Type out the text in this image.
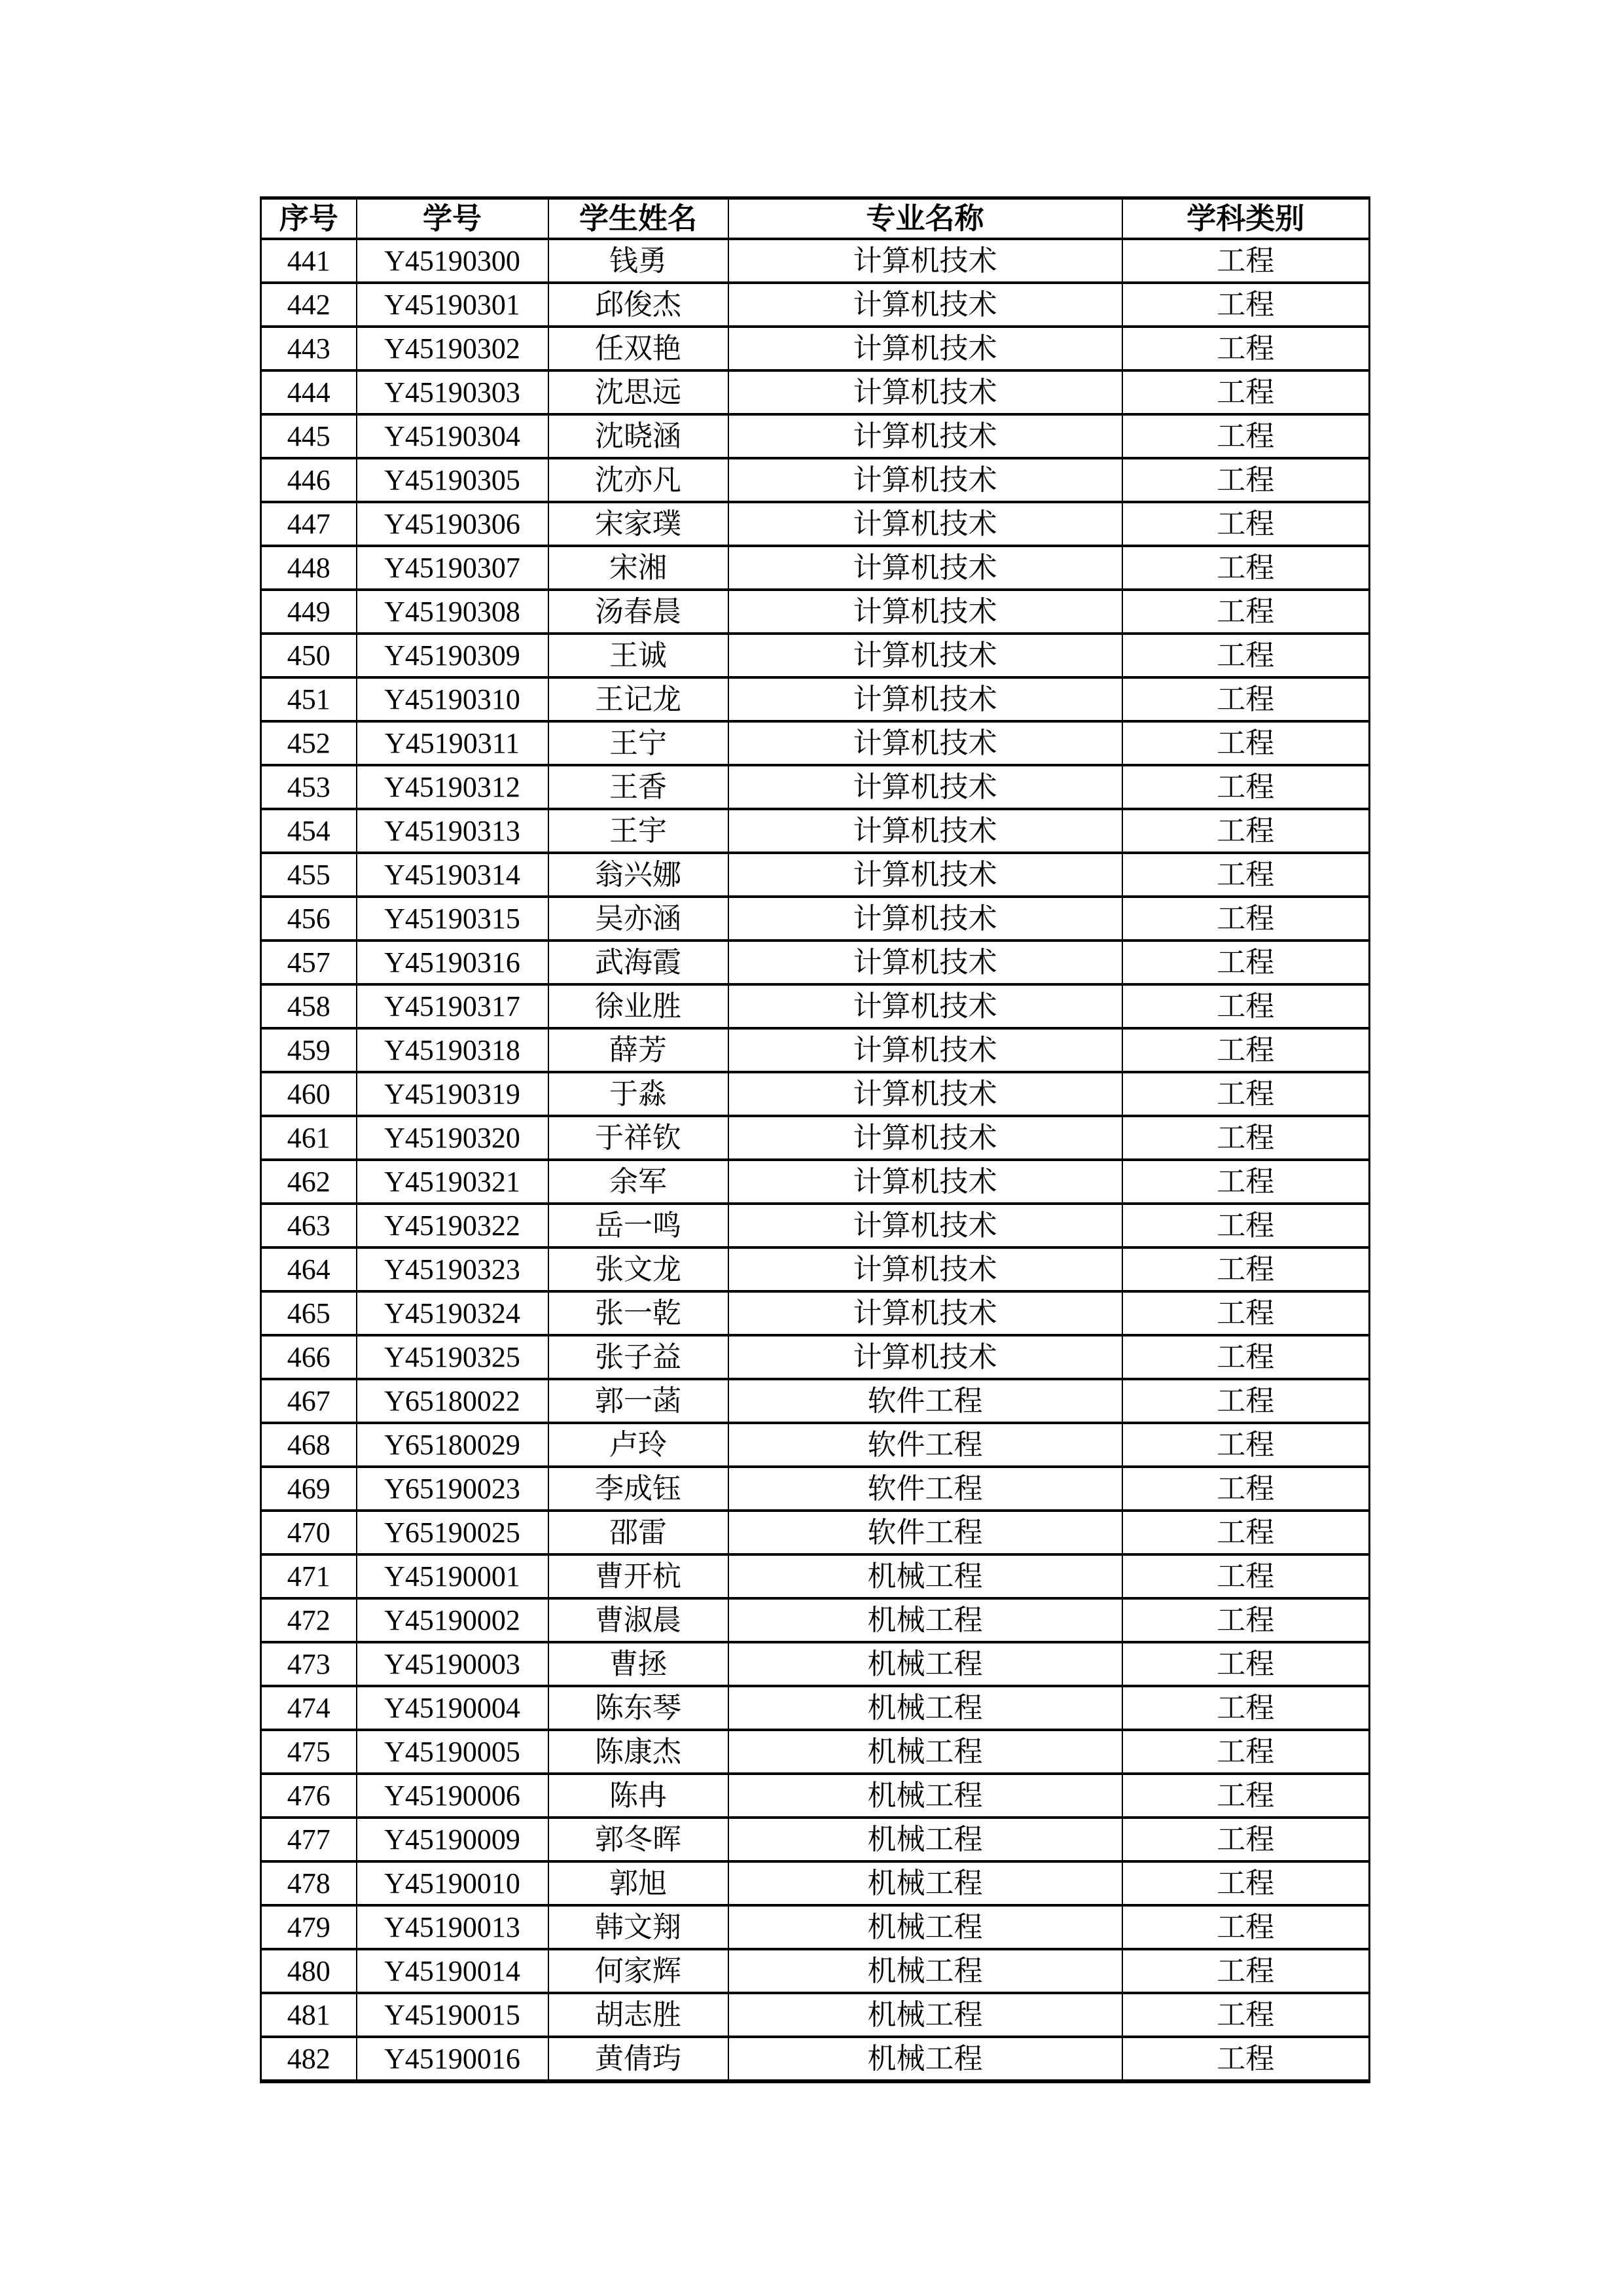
序号	学号	学生姓名	专业名称	学科类别
441	Y45190300	钱勇	计算机技术	工程
442	Y45190301	邱俊杰	计算机技术	工程
443	Y45190302	任双艳	计算机技术	工程
444	Y45190303	沈思远	计算机技术	工程
445	Y45190304	沈晓涵	计算机技术	工程
446	Y45190305	沈亦凡	计算机技术	工程
447	Y45190306	宋家璞	计算机技术	工程
448	Y45190307	宋湘	计算机技术	工程
449	Y45190308	汤春晨	计算机技术	工程
450	Y45190309	王诚	计算机技术	工程
451	Y45190310	王记龙	计算机技术	工程
452	Y45190311	王宁	计算机技术	工程
453	Y45190312	王香	计算机技术	工程
454	Y45190313	王宇	计算机技术	工程
455	Y45190314	翁兴娜	计算机技术	工程
456	Y45190315	吴亦涵	计算机技术	工程
457	Y45190316	武海霞	计算机技术	工程
458	Y45190317	徐业胜	计算机技术	工程
459	Y45190318	薛芳	计算机技术	工程
460	Y45190319	于淼	计算机技术	工程
461	Y45190320	于祥钦	计算机技术	工程
462	Y45190321	余军	计算机技术	工程
463	Y45190322	岳一鸣	计算机技术	工程
464	Y45190323	张文龙	计算机技术	工程
465	Y45190324	张一乾	计算机技术	工程
466	Y45190325	张子益	计算机技术	工程
467	Y65180022	郭一菡	软件工程	工程
468	Y65180029	卢玲	软件工程	工程
469	Y65190023	李成钰	软件工程	工程
470	Y65190025	邵雷	软件工程	工程
471	Y45190001	曹开杭	机械工程	工程
472	Y45190002	曹淑晨	机械工程	工程
473	Y45190003	曹拯	机械工程	工程
474	Y45190004	陈东琴	机械工程	工程
475	Y45190005	陈康杰	机械工程	工程
476	Y45190006	陈冉	机械工程	工程
477	Y45190009	郭冬晖	机械工程	工程
478	Y45190010	郭旭	机械工程	工程
479	Y45190013	韩文翔	机械工程	工程
480	Y45190014	何家辉	机械工程	工程
481	Y45190015	胡志胜	机械工程	工程
482	Y45190016	黄倩玙	机械工程	工程
